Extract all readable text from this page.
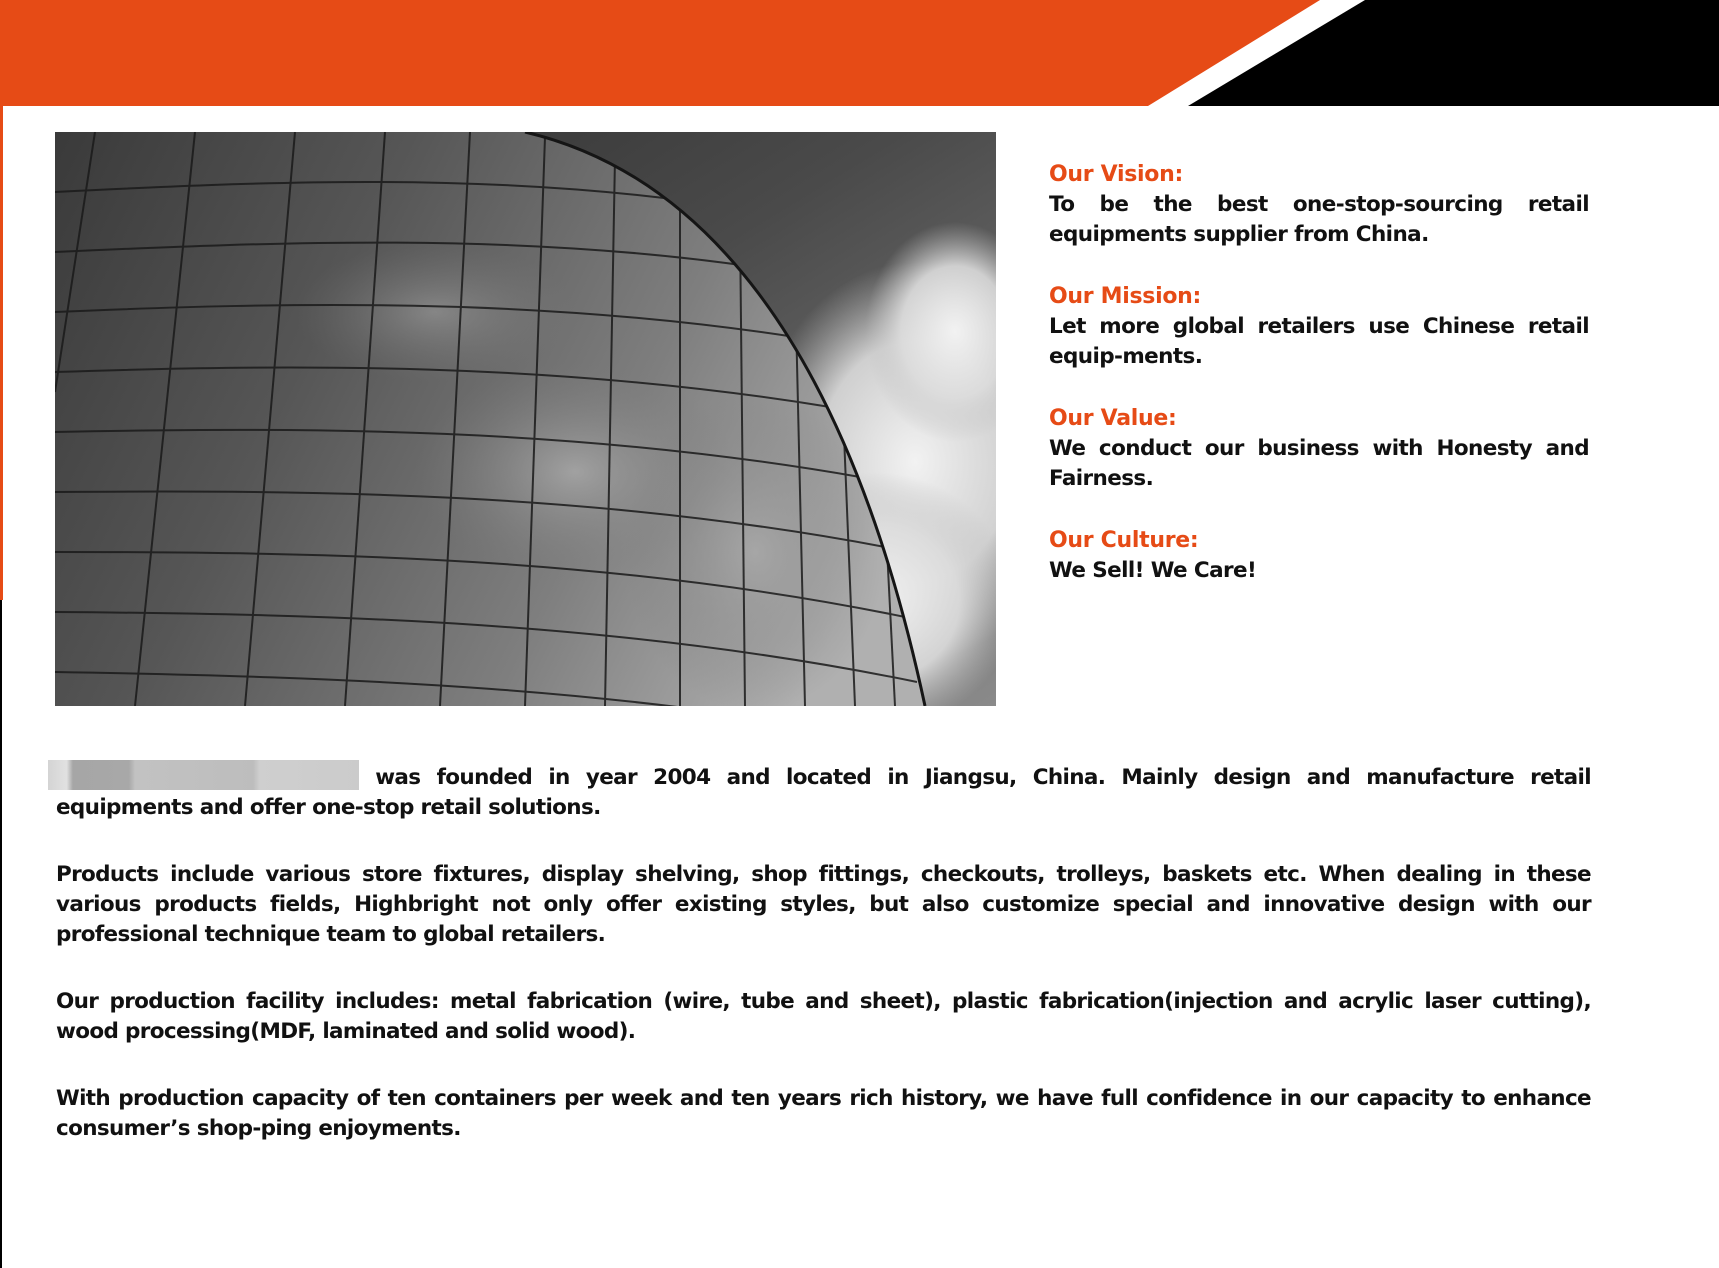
Our Vision:
To be the best one-stop-sourcing retail equipments supplier from China.
Our Mission:
Let more global retailers use Chinese retail equip-ments.
Our Value:
We conduct our business with Honesty and Fairness.
Our Culture:
We Sell! We Care!

was founded in year 2004 and located in Jiangsu, China. Mainly design and manufacture retail equipments and offer one-stop retail solutions.

Products include various store fixtures, display shelving, shop fittings, checkouts, trolleys, baskets etc. When dealing in these various products fields, Highbright not only offer existing styles, but also customize special and innovative design with our professional technique team to global retailers.

Our production facility includes: metal fabrication (wire, tube and sheet), plastic fabrication(injection and acrylic laser cutting), wood processing(MDF, laminated and solid wood).

With production capacity of ten containers per week and ten years rich history, we have full confidence in our capacity to enhance consumer’s shop-ping enjoyments.
